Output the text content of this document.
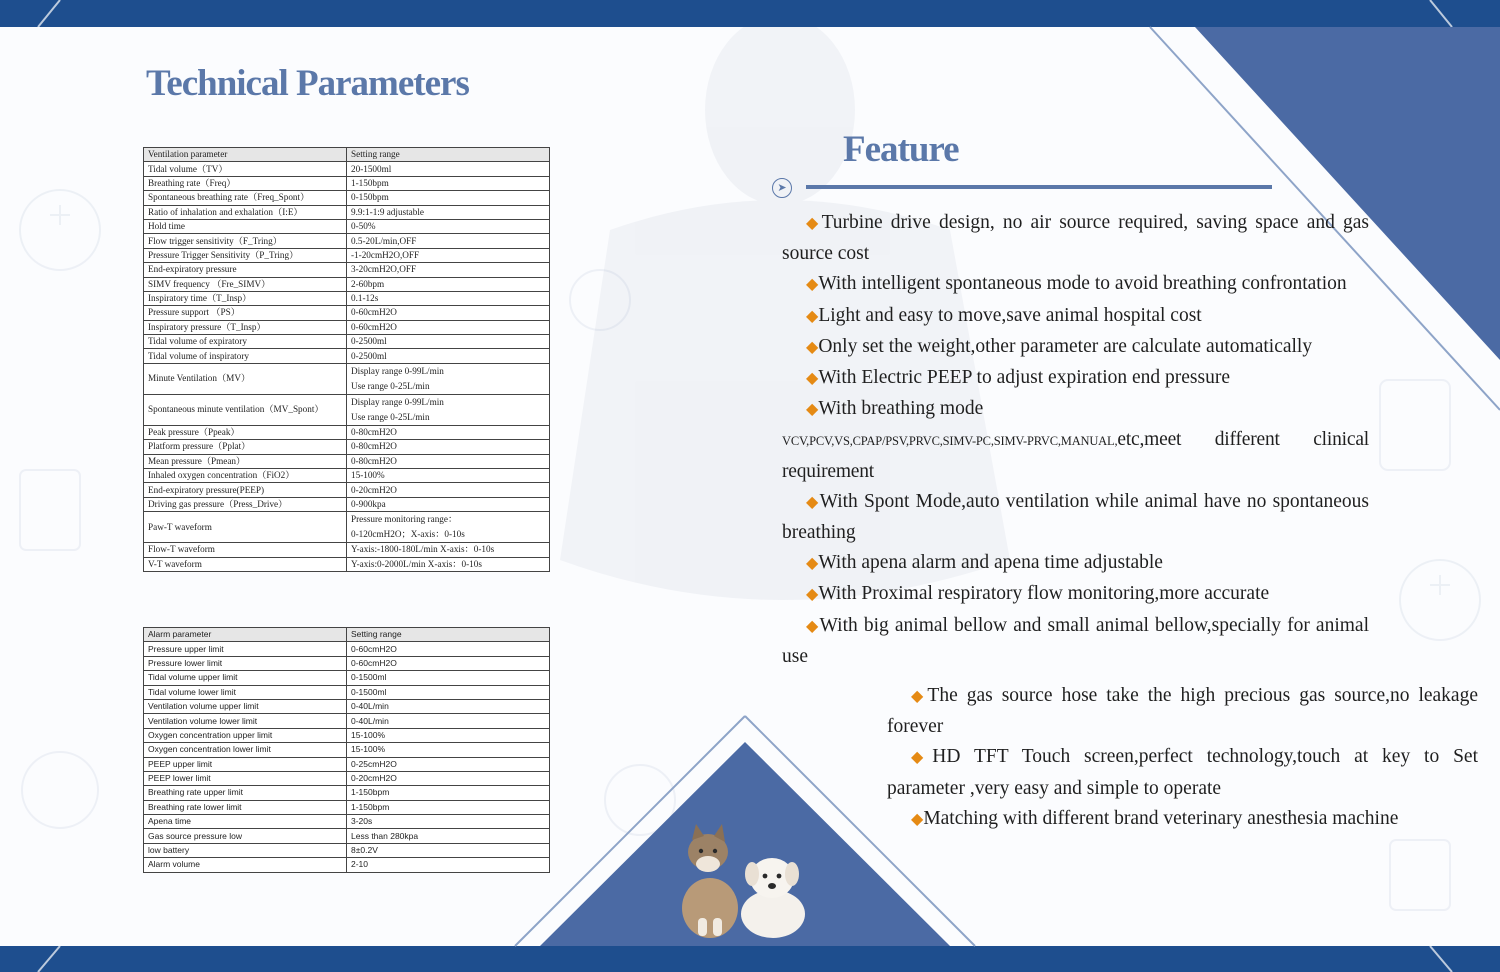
Technical Parameters
Ventilation parameter	Setting range
Tidal volume（TV）	20-1500ml
Breathing rate（Freq）	1-150bpm
Spontaneous breathing rate（Freq_Spont）	0-150bpm
Ratio of inhalation and exhalation（I:E）	9.9:1-1:9 adjustable
Hold time	0-50%
Flow trigger sensitivity（F_Tring）	0.5-20L/min,OFF
Pressure Trigger Sensitivity（P_Tring）	-1-20cmH2O,OFF
End-expiratory pressure	3-20cmH2O,OFF
SIMV frequency （Fre_SIMV）	2-60bpm
Inspiratory time（T_Insp）	0.1-12s
Pressure support （PS）	0-60cmH2O
Inspiratory pressure（T_Insp）	0-60cmH2O
Tidal volume of expiratory	0-2500ml
Tidal volume of inspiratory	0-2500ml
Minute Ventilation（MV）	Display range 0-99L/min
Use range 0-25L/min

Spontaneous minute ventilation（MV_Spont）	Display range 0-99L/min
Use range 0-25L/min

Peak pressure（Ppeak）	0-80cmH2O
Platform pressure（Pplat）	0-80cmH2O
Mean pressure（Pmean）	0-80cmH2O
Inhaled oxygen concentration（FiO2）	15-100%
End-expiratory pressure(PEEP)	0-20cmH2O
Driving gas pressure（Press_Drive）	0-900kpa
Paw-T waveform	Pressure monitoring range：
0-120cmH2O；X-axis：0-10s

Flow-T waveform	Y-axis:-1800-180L/min X-axis：0-10s
V-T waveform	Y-axis:0-2000L/min X-axis：0-10s
Alarm parameter	Setting range
Pressure upper limit	0-60cmH2O
Pressure lower limit	0-60cmH2O
Tidal volume upper limit	0-1500ml
Tidal volume lower limit	0-1500ml
Ventilation volume upper limit	0-40L/min
Ventilation volume lower limit	0-40L/min
Oxygen concentration upper limit	15-100%
Oxygen concentration lower limit	15-100%
PEEP upper limit	0-25cmH2O
PEEP lower limit	0-20cmH2O
Breathing rate upper limit	1-150bpm
Breathing rate lower limit	1-150bpm
Apena time	3-20s
Gas source pressure low	Less than 280kpa
low battery	8±0.2V
Alarm volume	2-10
Feature
➤

◆Turbine drive design, no air source required, saving space and gas source cost

◆With intelligent spontaneous mode to avoid breathing confrontation

◆Light and easy to move,save animal hospital cost

◆Only set the weight,other parameter are calculate automatically

◆With Electric PEEP to adjust expiration end pressure

◆With breathing mode

VCV,PCV,VS,CPAP/PSV,PRVC,SIMV-PC,SIMV-PRVC,MANUAL,etc,meet different clinical requirement

◆With Spont Mode,auto ventilation while animal have no spontaneous breathing

◆With apena alarm and apena time adjustable

◆With Proximal respiratory flow monitoring,more accurate

◆With big animal bellow and small animal bellow,specially for animal use

◆The gas source hose take the high precious gas source,no leakage forever

◆HD TFT Touch screen,perfect technology,touch at key to Set parameter ,very easy and simple to operate

◆Matching with different brand veterinary anesthesia machine
